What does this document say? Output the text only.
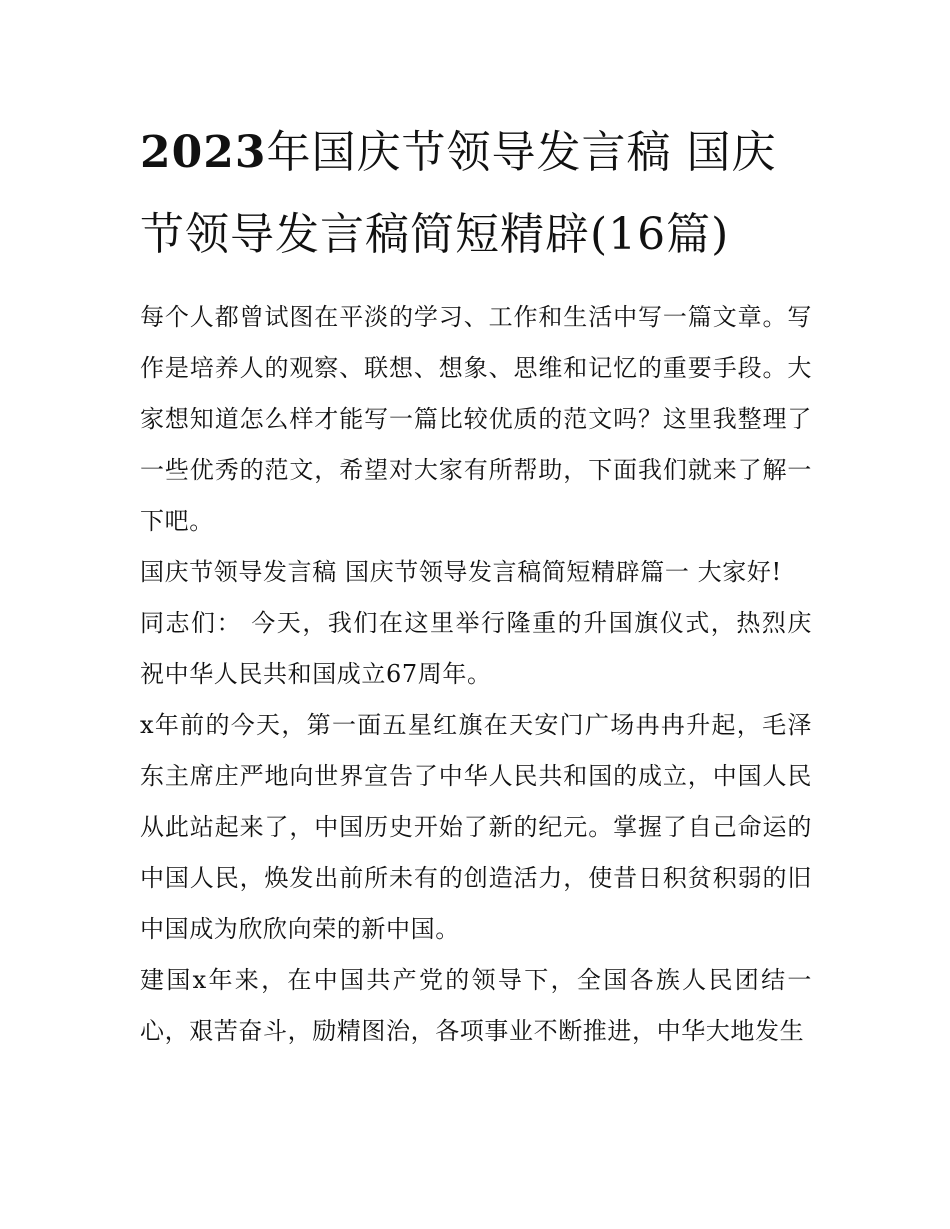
2023年国庆节领导发言稿 国庆节领导发言稿简短精辟(16篇)

每个人都曾试图在平淡的学习、工作和生活中写一篇文章。写作是培养人的观察、联想、想象、思维和记忆的重要手段。大家想知道怎么样才能写一篇比较优质的范文吗？这里我整理了一些优秀的范文，希望对大家有所帮助，下面我们就来了解一下吧。

国庆节领导发言稿 国庆节领导发言稿简短精辟篇一 大家好!

同志们： 今天，我们在这里举行隆重的升国旗仪式，热烈庆祝中华人民共和国成立67周年。

x年前的今天，第一面五星红旗在天安门广场冉冉升起，毛泽东主席庄严地向世界宣告了中华人民共和国的成立，中国人民从此站起来了，中国历史开始了新的纪元。掌握了自己命运的中国人民，焕发出前所未有的创造活力，使昔日积贫积弱的旧中国成为欣欣向荣的新中国。

建国x年来，在中国共产党的领导下，全国各族人民团结一心，艰苦奋斗，励精图治，各项事业不断推进，中华大地发生
